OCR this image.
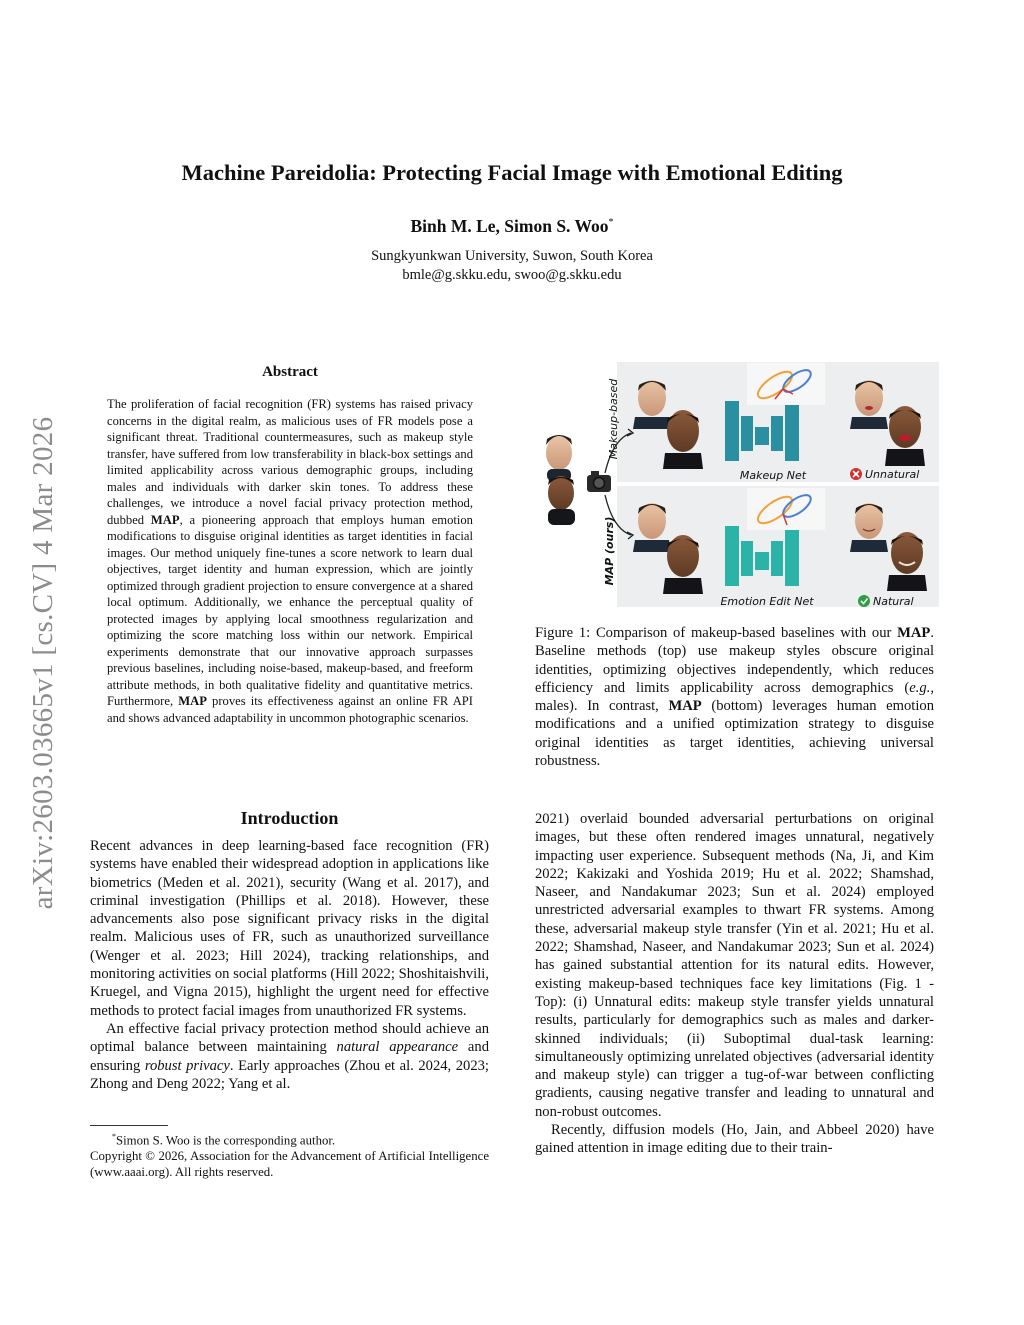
arXiv:2603.03665v1 [cs.CV] 4 Mar 2026
Machine Pareidolia: Protecting Facial Image with Emotional Editing
Binh M. Le, Simon S. Woo*
Sungkyunkwan University, Suwon, South Korea
bmle@g.skku.edu, swoo@g.skku.edu
Abstract
The proliferation of facial recognition (FR) systems has raised privacy concerns in the digital realm, as malicious uses of FR models pose a significant threat. Traditional countermeasures, such as makeup style transfer, have suffered from low transferability in black-box settings and limited applicability across various demographic groups, including males and individuals with darker skin tones. To address these challenges, we introduce a novel facial privacy protection method, dubbed MAP, a pioneering approach that employs human emotion modifications to disguise original identities as target identities in facial images. Our method uniquely fine-tunes a score network to learn dual objectives, target identity and human expression, which are jointly optimized through gradient projection to ensure convergence at a shared local optimum. Additionally, we enhance the perceptual quality of protected images by applying local smoothness regularization and optimizing the score matching loss within our network. Empirical experiments demonstrate that our innovative approach surpasses previous baselines, including noise-based, makeup-based, and freeform attribute methods, in both qualitative fidelity and quantitative metrics. Furthermore, MAP proves its effectiveness against an online FR API and shows advanced adaptability in uncommon photographic scenarios.
Introduction

Recent advances in deep learning-based face recognition (FR) systems have enabled their widespread adoption in applications like biometrics (Meden et al. 2021), security (Wang et al. 2017), and criminal investigation (Phillips et al. 2018). However, these advancements also pose significant privacy risks in the digital realm. Malicious uses of FR, such as unauthorized surveillance (Wenger et al. 2023; Hill 2024), tracking relationships, and monitoring activities on social platforms (Hill 2022; Shoshitaishvili, Kruegel, and Vigna 2015), highlight the urgent need for effective methods to protect facial images from unauthorized FR systems.

An effective facial privacy protection method should achieve an optimal balance between maintaining natural appearance and ensuring robust privacy. Early approaches (Zhou et al. 2024, 2023; Zhong and Deng 2022; Yang et al.

*Simon S. Woo is the corresponding author.
Copyright © 2026, Association for the Advancement of Artificial Intelligence (www.aaai.org). All rights reserved.
Makeup-based
MAP (ours)
Makeup Net	Unnatural
Emotion Edit Net	Natural
Figure 1: Comparison of makeup-based baselines with our MAP. Baseline methods (top) use makeup styles obscure original identities, optimizing objectives independently, which reduces efficiency and limits applicability across demographics (e.g., males). In contrast, MAP (bottom) leverages human emotion modifications and a unified optimization strategy to disguise original identities as target identities, achieving universal robustness.

2021) overlaid bounded adversarial perturbations on original images, but these often rendered images unnatural, negatively impacting user experience. Subsequent methods (Na, Ji, and Kim 2022; Kakizaki and Yoshida 2019; Hu et al. 2022; Shamshad, Naseer, and Nandakumar 2023; Sun et al. 2024) employed unrestricted adversarial examples to thwart FR systems. Among these, adversarial makeup style transfer (Yin et al. 2021; Hu et al. 2022; Shamshad, Naseer, and Nandakumar 2023; Sun et al. 2024) has gained substantial attention for its natural edits. However, existing makeup-based techniques face key limitations (Fig. 1 - Top): (i) Unnatural edits: makeup style transfer yields unnatural results, particularly for demographics such as males and darker-skinned individuals; (ii) Suboptimal dual-task learning: simultaneously optimizing unrelated objectives (adversarial identity and makeup style) can trigger a tug-of-war between conflicting gradients, causing negative transfer and leading to unnatural and non-robust outcomes.

Recently, diffusion models (Ho, Jain, and Abbeel 2020) have gained attention in image editing due to their train-
